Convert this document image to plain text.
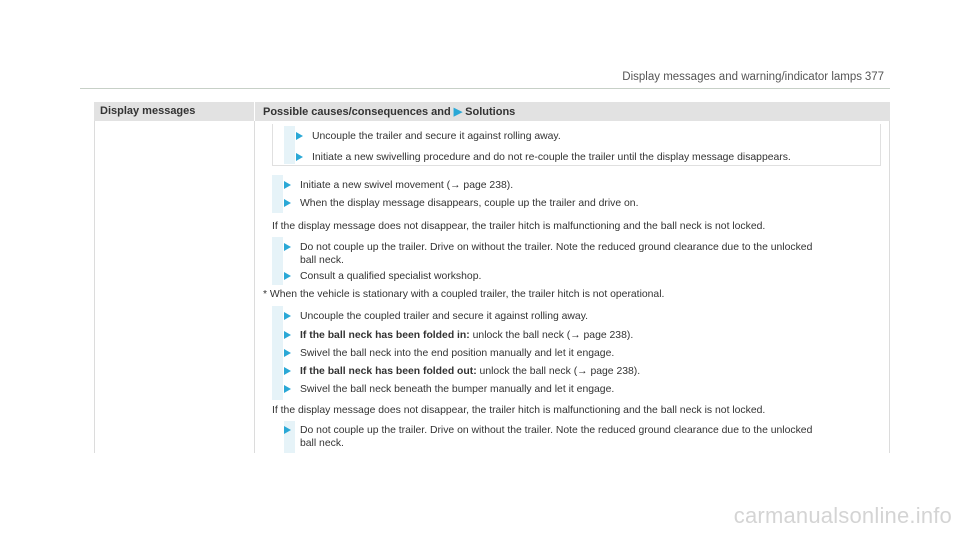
Display messages and warning/indicator lamps 377
Display messages	Possible causes/consequences and ▶ Solutions
Uncouple the trailer and secure it against rolling away.
Initiate a new swivelling procedure and do not re-couple the trailer until the display message disappears.
Initiate a new swivel movement (→ page 238).
When the display message disappears, couple up the trailer and drive on.
If the display message does not disappear, the trailer hitch is malfunctioning and the ball neck is not locked.
Do not couple up the trailer. Drive on without the trailer. Note the reduced ground clearance due to the unlocked
ball neck.
Consult a qualified specialist workshop.
* When the vehicle is stationary with a coupled trailer, the trailer hitch is not operational.
Uncouple the coupled trailer and secure it against rolling away.
If the ball neck has been folded in: unlock the ball neck (→ page 238).
Swivel the ball neck into the end position manually and let it engage.
If the ball neck has been folded out: unlock the ball neck (→ page 238).
Swivel the ball neck beneath the bumper manually and let it engage.
If the display message does not disappear, the trailer hitch is malfunctioning and the ball neck is not locked.
Do not couple up the trailer. Drive on without the trailer. Note the reduced ground clearance due to the unlocked
ball neck.
carmanualsonline.info
